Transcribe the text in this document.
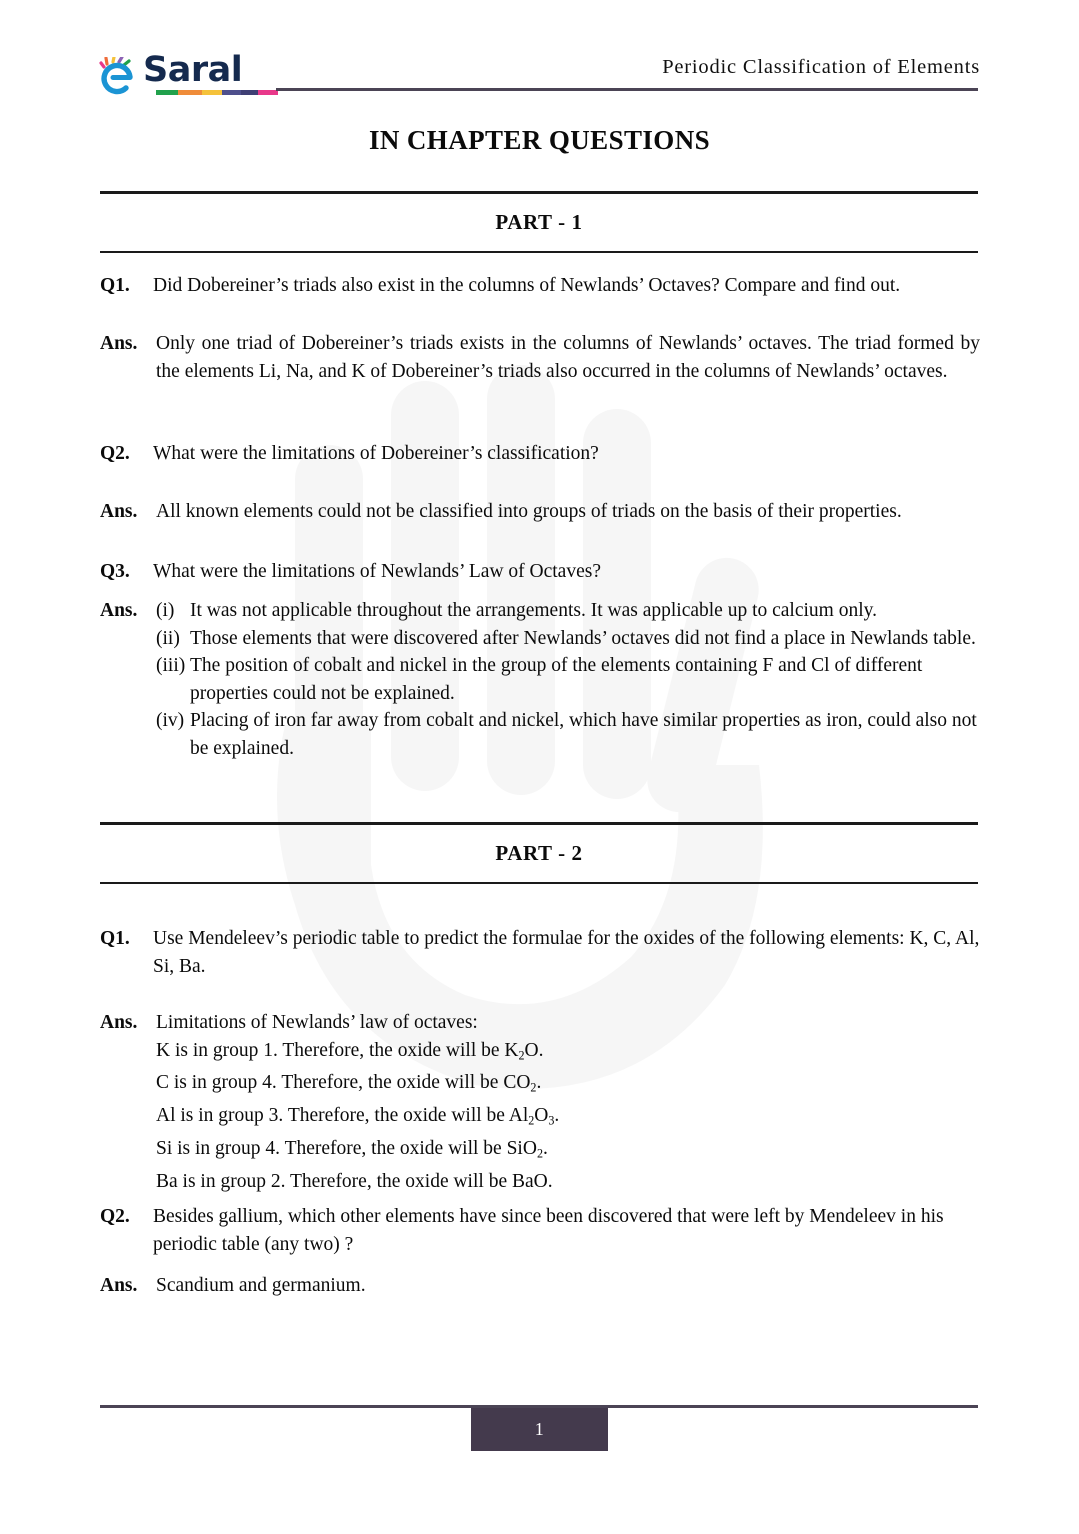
Saral	Periodic Classification of Elements
IN CHAPTER QUESTIONS
PART - 1
Q1.	Did Dobereiner’s triads also exist in the columns of Newlands’ Octaves? Compare and find out.
Ans. Only one triad of Dobereiner’s triads exists in the columns of Newlands’ octaves. The triad formed by the elements Li, Na, and K of Dobereiner’s triads also occurred in the columns of Newlands’ octaves.
Q2.	What were the limitations of Dobereiner’s classification?
Ans. All known elements could not be classified into groups of triads on the basis of their properties.
Q3.	What were the limitations of Newlands’ Law of Octaves?
Ans. (i) It was not applicable throughout the arrangements. It was applicable up to calcium only.
(ii) Those elements that were discovered after Newlands’ octaves did not find a place in Newlands table.
(iii) The position of cobalt and nickel in the group of the elements containing F and Cl of different properties could not be explained.
(iv) Placing of iron far away from cobalt and nickel, which have similar properties as iron, could also not be explained.
PART - 2
Q1.	Use Mendeleev’s periodic table to predict the formulae for the oxides of the following elements: K, C, Al, Si, Ba.
Ans. Limitations of Newlands’ law of octaves:

K is in group 1. Therefore, the oxide will be $K_2O$.
C is in group 4. Therefore, the oxide will be $CO_2$.
Al is in group 3. Therefore, the oxide will be $Al_2O_3$.
Si is in group 4. Therefore, the oxide will be SiO$_2$.
Ba is in group 2. Therefore, the oxide will be BaO.
Q2.	Besides gallium, which other elements have since been discovered that were left by Mendeleev in his periodic table (any two) ?
Ans. Scandium and germanium.
1
